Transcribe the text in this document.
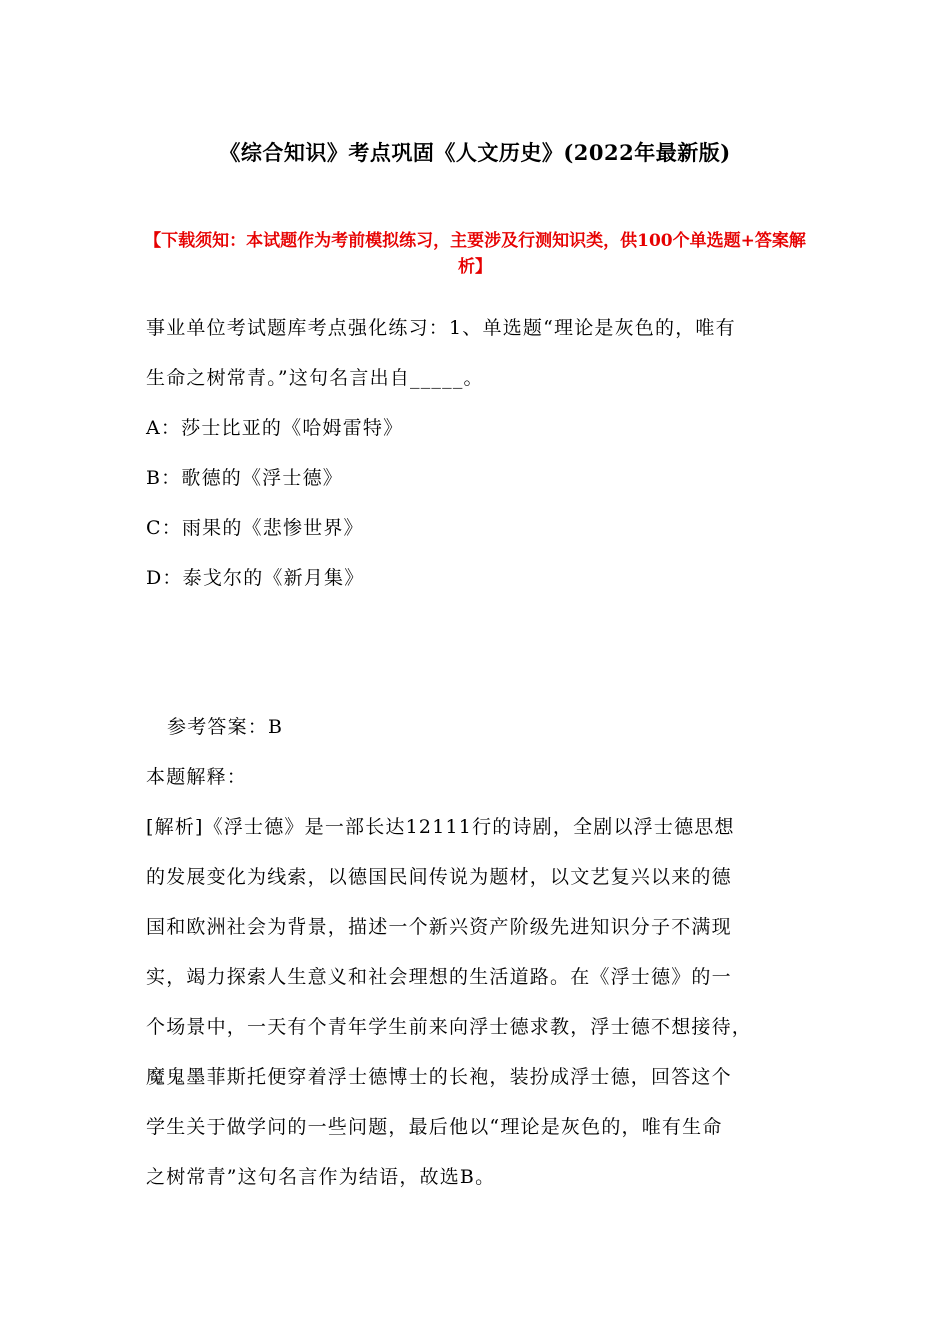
《综合知识》考点巩固《人文历史》(2022年最新版)
【下载须知：本试题作为考前模拟练习，主要涉及行测知识类，供100个单选题+答案解析】
事业单位考试题库考点强化练习：1、单选题“理论是灰色的，唯有
生命之树常青。”这句名言出自_____。
A：莎士比亚的《哈姆雷特》
B：歌德的《浮士德》
C：雨果的《悲惨世界》
D：泰戈尔的《新月集》
参考答案：B
本题解释：
[解析]《浮士德》是一部长达12111行的诗剧，全剧以浮士德思想
的发展变化为线索，以德国民间传说为题材，以文艺复兴以来的德
国和欧洲社会为背景，描述一个新兴资产阶级先进知识分子不满现
实，竭力探索人生意义和社会理想的生活道路。在《浮士德》的一
个场景中，一天有个青年学生前来向浮士德求教，浮士德不想接待，
魔鬼墨菲斯托便穿着浮士德博士的长袍，装扮成浮士德，回答这个
学生关于做学问的一些问题，最后他以“理论是灰色的，唯有生命
之树常青”这句名言作为结语，故选B。
